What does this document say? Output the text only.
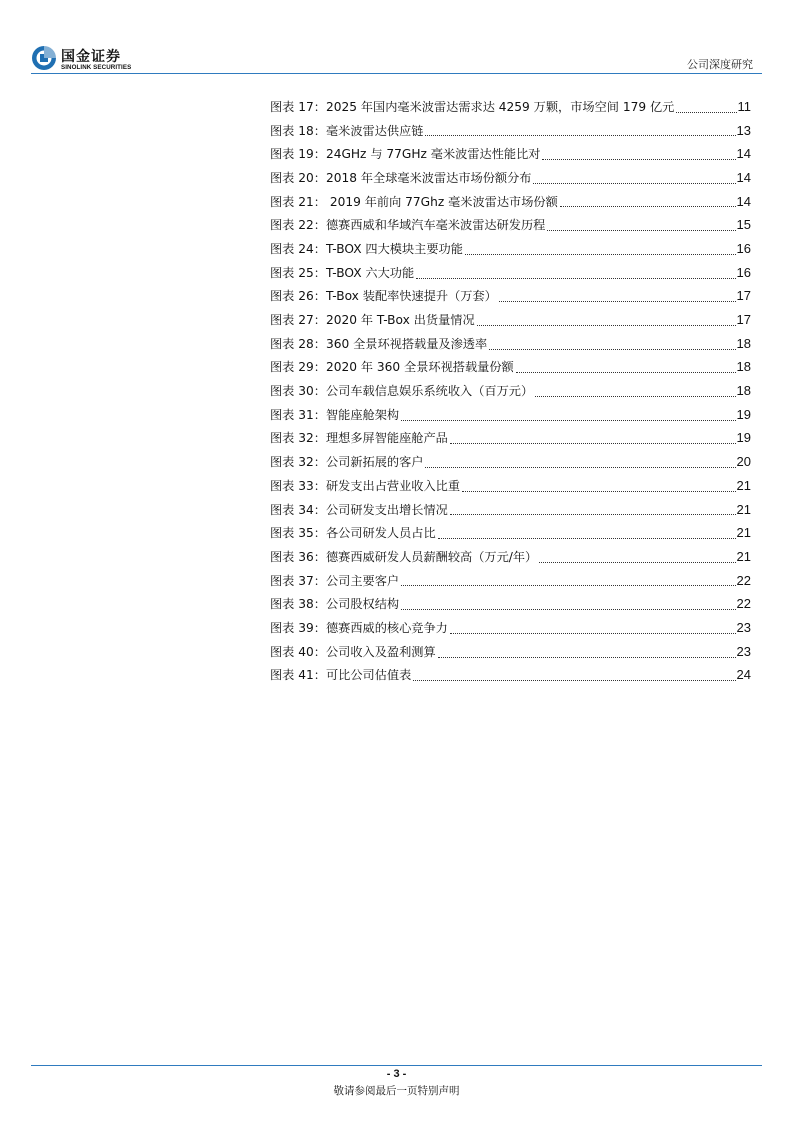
国金证券
SINOLINK SECURITIES	公司深度研究
图表 17：2025 年国内毫米波雷达需求达 4259 万颗，市场空间 179 亿元	11
图表 18：毫米波雷达供应链	13
图表 19：24GHz 与 77GHz 毫米波雷达性能比对	14
图表 20：2018 年全球毫米波雷达市场份额分布	14
图表 21： 2019 年前向 77Ghz 毫米波雷达市场份额	14
图表 22：德赛西威和华域汽车毫米波雷达研发历程	15
图表 24：T-BOX 四大模块主要功能	16
图表 25：T-BOX 六大功能	16
图表 26：T-Box 装配率快速提升（万套）	17
图表 27：2020 年 T-Box 出货量情况	17
图表 28：360 全景环视搭载量及渗透率	18
图表 29：2020 年 360 全景环视搭载量份额	18
图表 30：公司车载信息娱乐系统收入（百万元）	18
图表 31：智能座舱架构	19
图表 32：理想多屏智能座舱产品	19
图表 32：公司新拓展的客户	20
图表 33：研发支出占营业收入比重	21
图表 34：公司研发支出增长情况	21
图表 35：各公司研发人员占比	21
图表 36：德赛西威研发人员薪酬较高（万元/年）	21
图表 37：公司主要客户	22
图表 38：公司股权结构	22
图表 39：德赛西威的核心竞争力	23
图表 40：公司收入及盈利测算	23
图表 41：可比公司估值表	24
- 3 -
敬请参阅最后一页特别声明
